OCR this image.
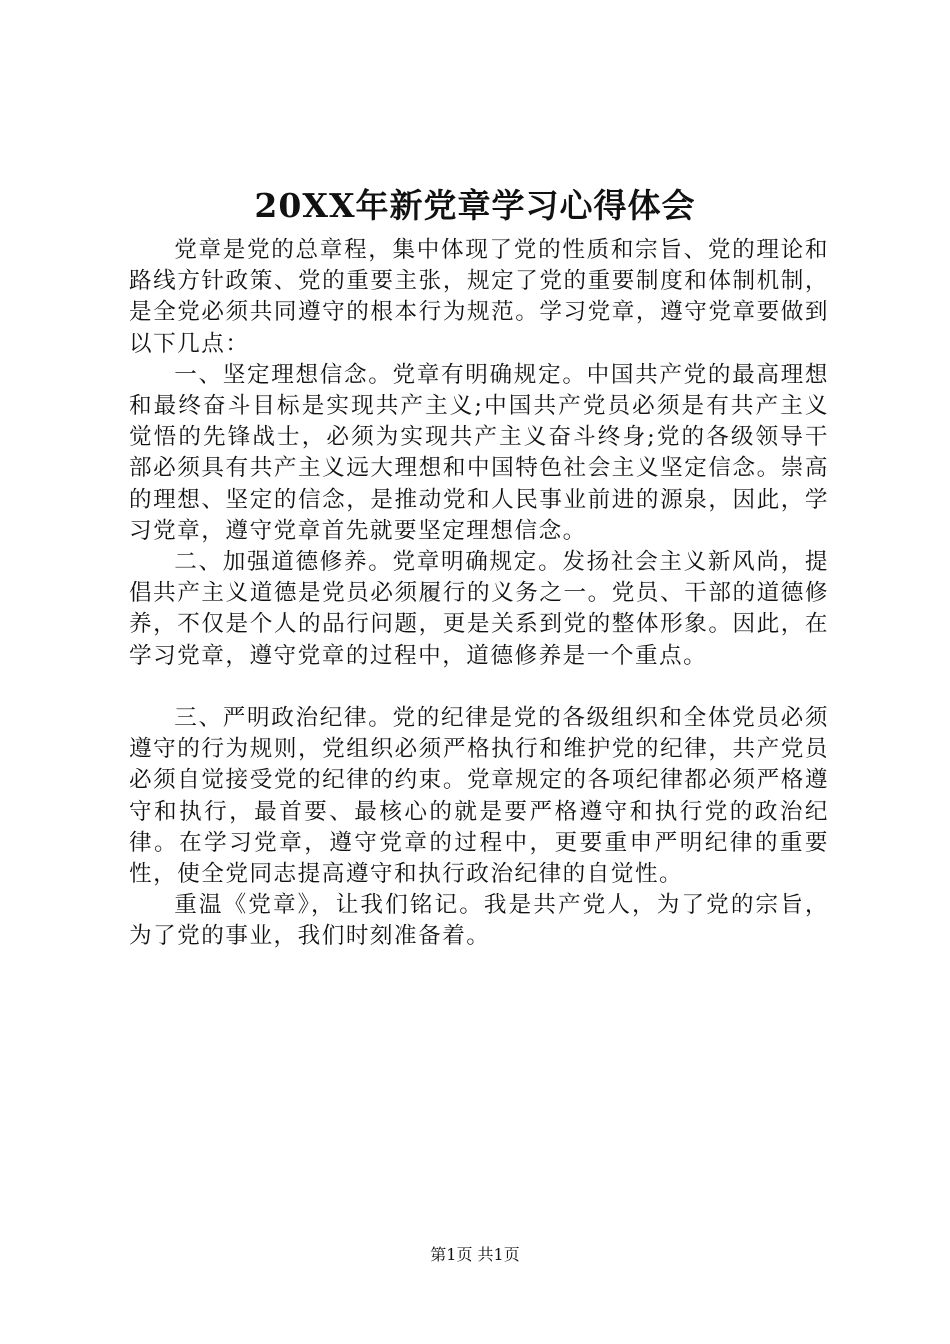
20XX年新党章学习心得体会

党章是党的总章程，集中体现了党的性质和宗旨、党的理论和路线方针政策、党的重要主张，规定了党的重要制度和体制机制，是全党必须共同遵守的根本行为规范。学习党章，遵守党章要做到以下几点：

一、坚定理想信念。党章有明确规定。中国共产党的最高理想和最终奋斗目标是实现共产主义;中国共产党员必须是有共产主义觉悟的先锋战士，必须为实现共产主义奋斗终身;党的各级领导干部必须具有共产主义远大理想和中国特色社会主义坚定信念。崇高的理想、坚定的信念，是推动党和人民事业前进的源泉，因此，学习党章，遵守党章首先就要坚定理想信念。

二、加强道德修养。党章明确规定。发扬社会主义新风尚，提倡共产主义道德是党员必须履行的义务之一。党员、干部的道德修养，不仅是个人的品行问题，更是关系到党的整体形象。因此，在学习党章，遵守党章的过程中，道德修养是一个重点。

三、严明政治纪律。党的纪律是党的各级组织和全体党员必须遵守的行为规则，党组织必须严格执行和维护党的纪律，共产党员必须自觉接受党的纪律的约束。党章规定的各项纪律都必须严格遵守和执行，最首要、最核心的就是要严格遵守和执行党的政治纪律。在学习党章，遵守党章的过程中，更要重申严明纪律的重要性，使全党同志提高遵守和执行政治纪律的自觉性。

重温《党章》，让我们铭记。我是共产党人，为了党的宗旨，为了党的事业，我们时刻准备着。

第1页 共1页
